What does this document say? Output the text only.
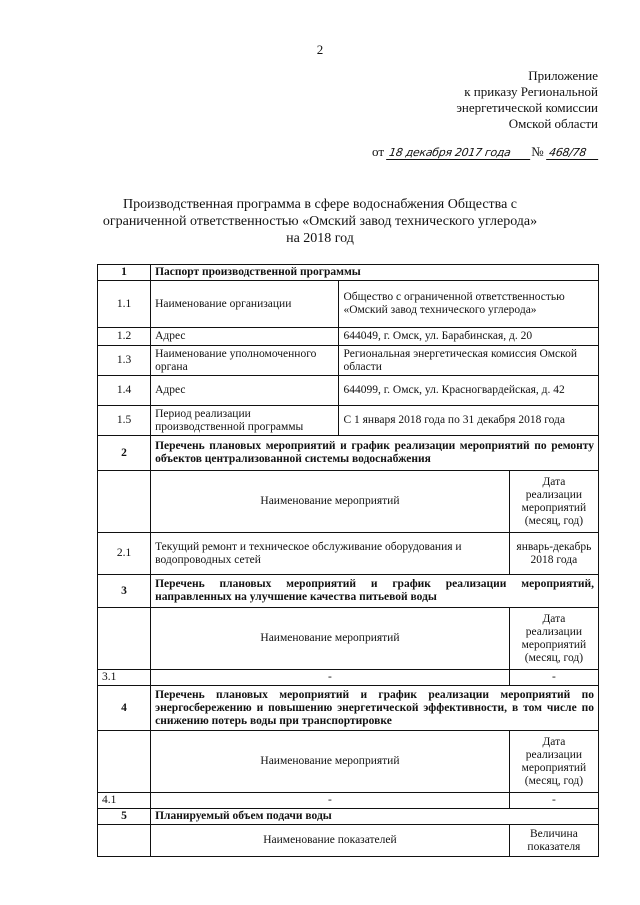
2
Приложение
к приказу Региональной
энергетической комиссии
Омской области
от 18 декабря 2017 года № 468/78
Производственная программа в сфере водоснабжения Общества с
ограниченной ответственностью «Омский завод технического углерода»
на 2018 год
1	Паспорт производственной программы		
1.1	Наименование организации	Общество с ограниченной ответственностью «Омский завод технического углерода»	
1.2	Адрес	644049, г. Омск, ул. Барабинская, д. 20	
1.3	Наименование уполномоченного органа	Региональная энергетическая комиссия Омской области	
1.4	Адрес	644099, г. Омск, ул. Красногвардейская, д. 42	
1.5	Период реализации производственной программы	С 1 января 2018 года по 31 декабря 2018 года	
2	Перечень плановых мероприятий и график реализации мероприятий по ремонту объектов централизованной системы водоснабжения		
	Наименование мероприятий		Дата реализации мероприятий (месяц, год)
2.1	Текущий ремонт и техническое обслуживание оборудования и водопроводных сетей		январь-декабрь 2018 года
3	Перечень плановых мероприятий и график реализации мероприятий, направленных на улучшение качества питьевой воды		
	Наименование мероприятий		Дата реализации мероприятий (месяц, год)
3.1	-		-
4	Перечень плановых мероприятий и график реализации мероприятий по энергосбережению и повышению энергетической эффективности, в том числе по снижению потерь воды при транспортировке		
	Наименование мероприятий		Дата реализации мероприятий (месяц, год)
4.1	-		-
5	Планируемый объем подачи воды		
	Наименование показателей		Величина показателя
